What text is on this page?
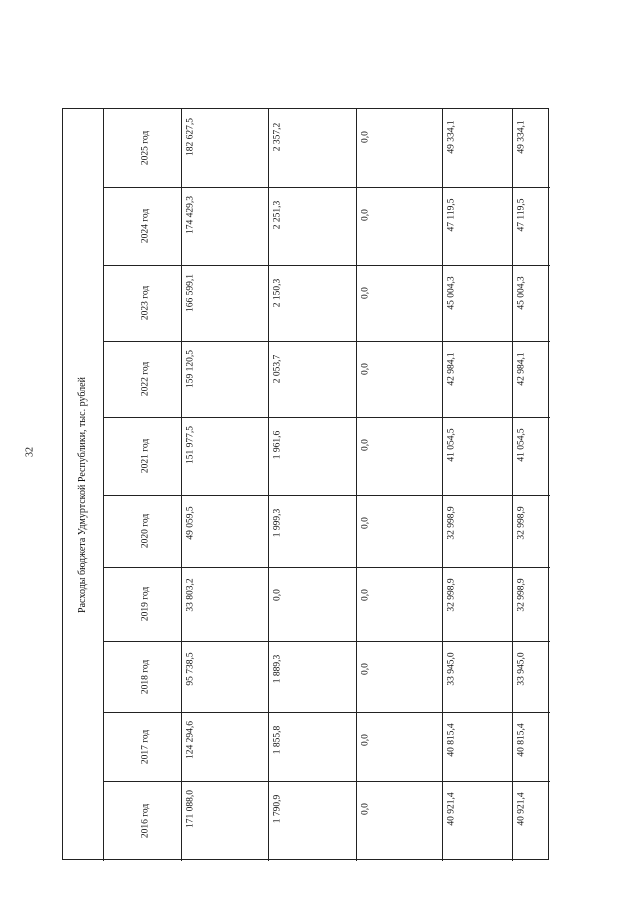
32	Расходы бюджета Удмуртской Республики, тыс. рублей
2016 год
2017 год
2018 год
2019 год
2020 год
2021 год
2022 год
2023 год
2024 год
2025 год
171 088,0
124 294,6
95 738,5
33 803,2
49 059,5
151 977,5
159 120,5
166 599,1
174 429,3
182 627,5
1 790,9
1 855,8
1 889,3
0,0
1 999,3
1 961,6
2 053,7
2 150,3
2 251,3
2 357,2
0,0
0,0
0,0
0,0
0,0
0,0
0,0
0,0
0,0
0,0
40 921,4
40 815,4
33 945,0
32 998,9
32 998,9
41 054,5
42 984,1
45 004,3
47 119,5
49 334,1
40 921,4
40 815,4
33 945,0
32 998,9
32 998,9
41 054,5
42 984,1
45 004,3
47 119,5
49 334,1
